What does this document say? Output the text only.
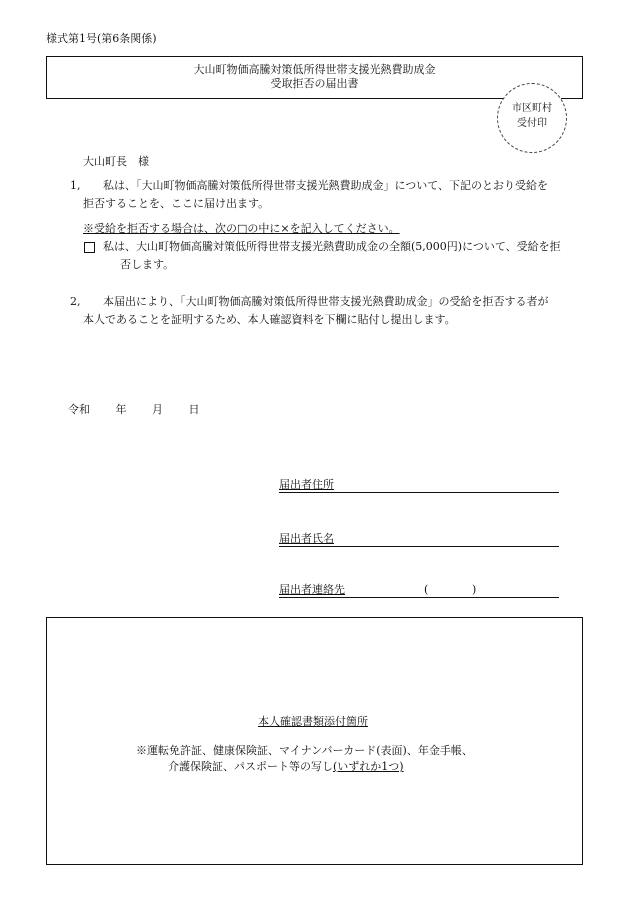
様式第1号(第6条関係)
大山町物価高騰対策低所得世帯支援光熱費助成金
受取拒否の届出書
市区町村
受付印
大山町長　様
1, 私は、「大山町物価高騰対策低所得世帯支援光熱費助成金」について、下記のとおり受給を
拒否することを、ここに届け出ます。
※受給を拒否する場合は、次の□の中に×を記入してください。
私は、大山町物価高騰対策低所得世帯支援光熱費助成金の全額(5,000円)について、受給を拒
否します。
2, 本届出により、「大山町物価高騰対策低所得世帯支援光熱費助成金」の受給を拒否する者が
本人であることを証明するため、本人確認資料を下欄に貼付し提出します。
令和 年 月 日
届出者住所
届出者氏名
届出者連絡先	(	)
本人確認書類添付箇所
※運転免許証、健康保険証、マイナンバーカード(表面)、年金手帳、
介護保険証、パスポート等の写し(いずれか1つ)
